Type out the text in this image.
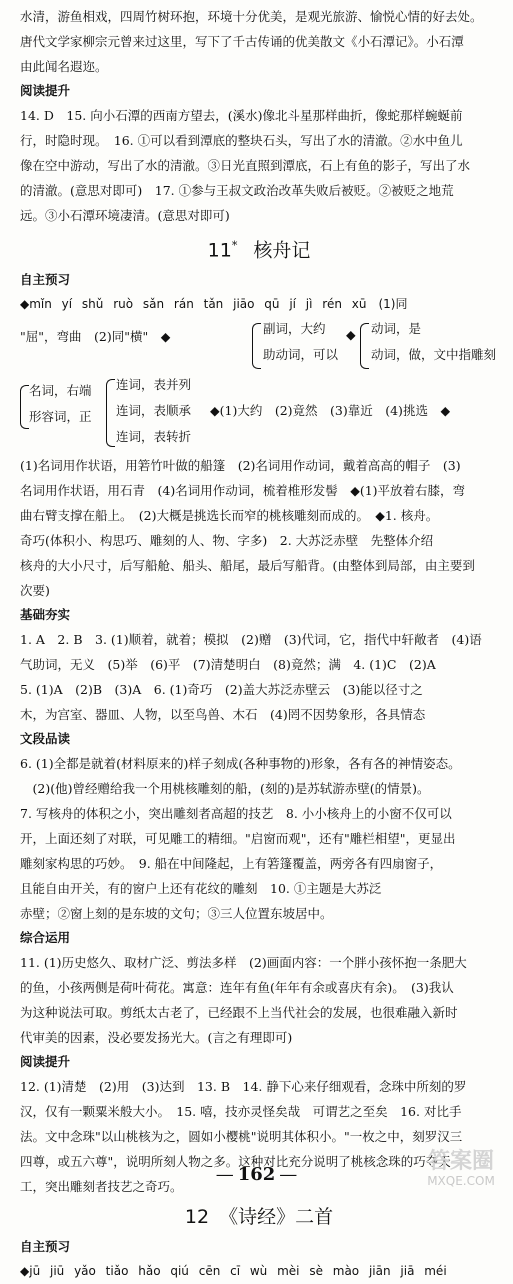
水清，游鱼相戏，四周竹树环抱，环境十分优美，是观光旅游、愉悦心情的好去处。

唐代文学家柳宗元曾来过这里，写下了千古传诵的优美散文《小石潭记》。小石潭

由此闻名遐迩。

阅读提升

14. D　15. 向小石潭的西南方望去，(溪水)像北斗星那样曲折，像蛇那样蜿蜒前

行，时隐时现。　16. ①可以看到潭底的整块石头，写出了水的清澈。②水中鱼儿

像在空中游动，写出了水的清澈。③日光直照到潭底，石上有鱼的影子，写出了水

的清澈。(意思对即可)　17. ①参与王叔文政治改革失败后被贬。②被贬之地荒

远。③小石潭环境凄清。(意思对即可)

11* 核舟记

自主预习

◆mǐn yí shǔ ruò sǎn rán tǎn jiāo qū jí jì rén xū　(1)同

"屈"，弯曲　(2)同"横"　◆
副词，大约
助动词，可以
◆ 动词，是
动词，做，文中指雕刻
名词，右端
形容词，正
连词，表并列
连词，表顺承
连词，表转折
◆(1)大约　(2)竟然　(3)靠近　(4)挑选　◆

(1)名词用作状语，用箬竹叶做的船篷　(2)名词用作动词，戴着高高的帽子　(3)

名词用作状语，用石青　(4)名词用作动词，梳着椎形发髻　◆(1)平放着右膝，弯

曲右臂支撑在船上。　(2)大概是挑选长而窄的桃核雕刻而成的。　◆1. 核舟。

奇巧(体积小、构思巧、雕刻的人、物、字多)　2. 大苏泛赤壁　先整体介绍

核舟的大小尺寸，后写船舱、船头、船尾，最后写船背。(由整体到局部，由主要到

次要)

基础夯实

1. A　2. B　3. (1)顺着，就着；模拟　(2)赠　(3)代词，它，指代中轩敞者　(4)语

气助词，无义　(5)举　(6)平　(7)清楚明白　(8)竟然；满　4. (1)C　(2)A

5. (1)A　(2)B　(3)A　6. (1)奇巧　(2)盖大苏泛赤壁云　(3)能以径寸之

木，为宫室、器皿、人物，以至鸟兽、木石　(4)罔不因势象形，各具情态

文段品读

6. (1)全都是就着(材料原来的)样子刻成(各种事物的)形象，各有各的神情姿态。

　(2)(他)曾经赠给我一个用桃核雕刻的船，(刻的)是苏轼游赤壁(的情景)。

7. 写核舟的体积之小，突出雕刻者高超的技艺　8. 小小核舟上的小窗不仅可以

开，上面还刻了对联，可见雕工的精细。"启窗而观"，还有"雕栏相望"，更显出

雕刻家构思的巧妙。　9. 船在中间隆起，上有箬篷覆盖，两旁各有四扇窗子，

且能自由开关，有的窗户上还有花纹的雕刻　10. ①主题是大苏泛

赤壁；②窗上刻的是东坡的文句；③三人位置东坡居中。

综合运用

11. (1)历史悠久、取材广泛、剪法多样　(2)画面内容：一个胖小孩怀抱一条肥大

的鱼，小孩两侧是荷叶荷花。寓意：连年有鱼(年年有余或喜庆有余)。　(3)我认

为这种说法可取。剪纸太古老了，已经跟不上当代社会的发展，也很难融入新时

代审美的因素，没必要发扬光大。(言之有理即可)

阅读提升

12. (1)清楚　(2)用　(3)达到　13. B　14. 静下心来仔细观看，念珠中所刻的罗

汉，仅有一颗粟米般大小。　15. 嘻，技亦灵怪矣哉　可谓艺之至矣　16. 对比手

法。文中念珠"以山桃核为之，圆如小樱桃"说明其体积小。"一枚之中，刻罗汉三

四尊，或五六尊"，说明所刻人物之多。这种对比充分说明了桃核念珠的巧夺天

工，突出雕刻者技艺之奇巧。

12 《诗经》二首

自主预习

◆jū jiū yǎo tiǎo hǎo qiú cēn cī wù mèi sè mào jiān jiā méi

— 162 —
答案圈
MXQE.COM
